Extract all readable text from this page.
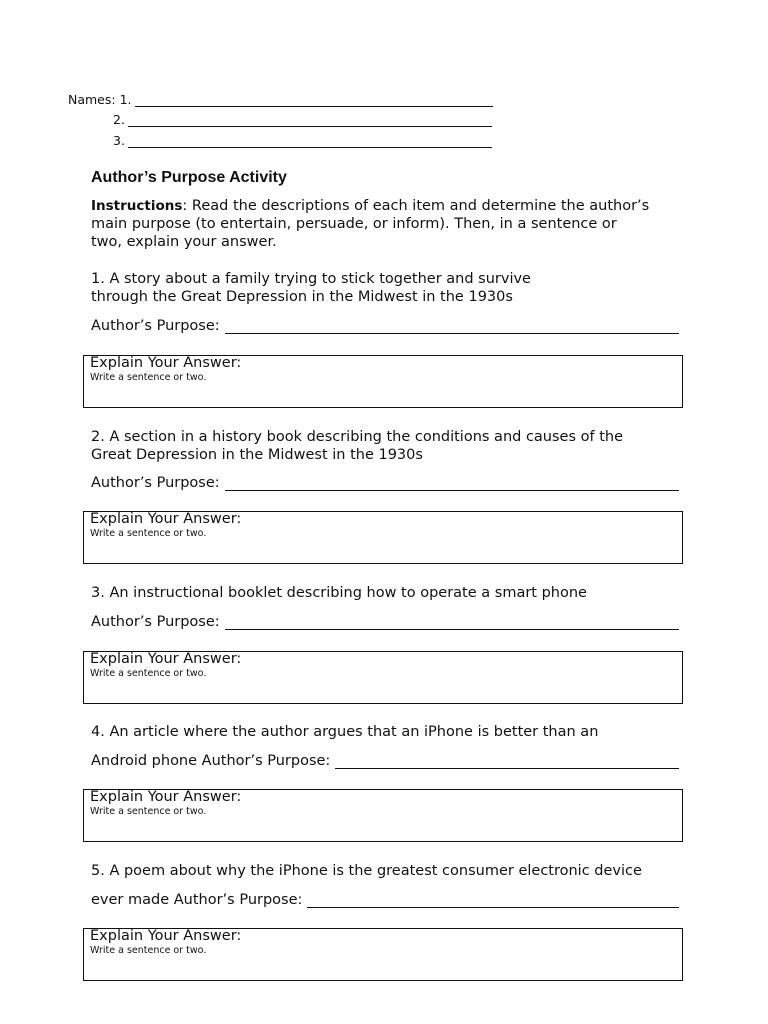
Names:
1.
2.
3.
Author’s Purpose Activity
Instructions: Read the descriptions of each item and determine the author’s main purpose (to entertain, persuade, or inform). Then, in a sentence or two, explain your answer.
1. A story about a family trying to stick together and survive through the Great Depression in the Midwest in the 1930s
Author’s Purpose:
Explain Your Answer:
Write a sentence or two.
2. A section in a history book describing the conditions and causes of the Great Depression in the Midwest in the 1930s
Author’s Purpose:
Explain Your Answer:
Write a sentence or two.
3. An instructional booklet describing how to operate a smart phone
Author’s Purpose:
Explain Your Answer:
Write a sentence or two.
4. An article where the author argues that an iPhone is better than an
Android phone Author’s Purpose:
Explain Your Answer:
Write a sentence or two.
5. A poem about why the iPhone is the greatest consumer electronic device
ever made Author’s Purpose:
Explain Your Answer:
Write a sentence or two.
